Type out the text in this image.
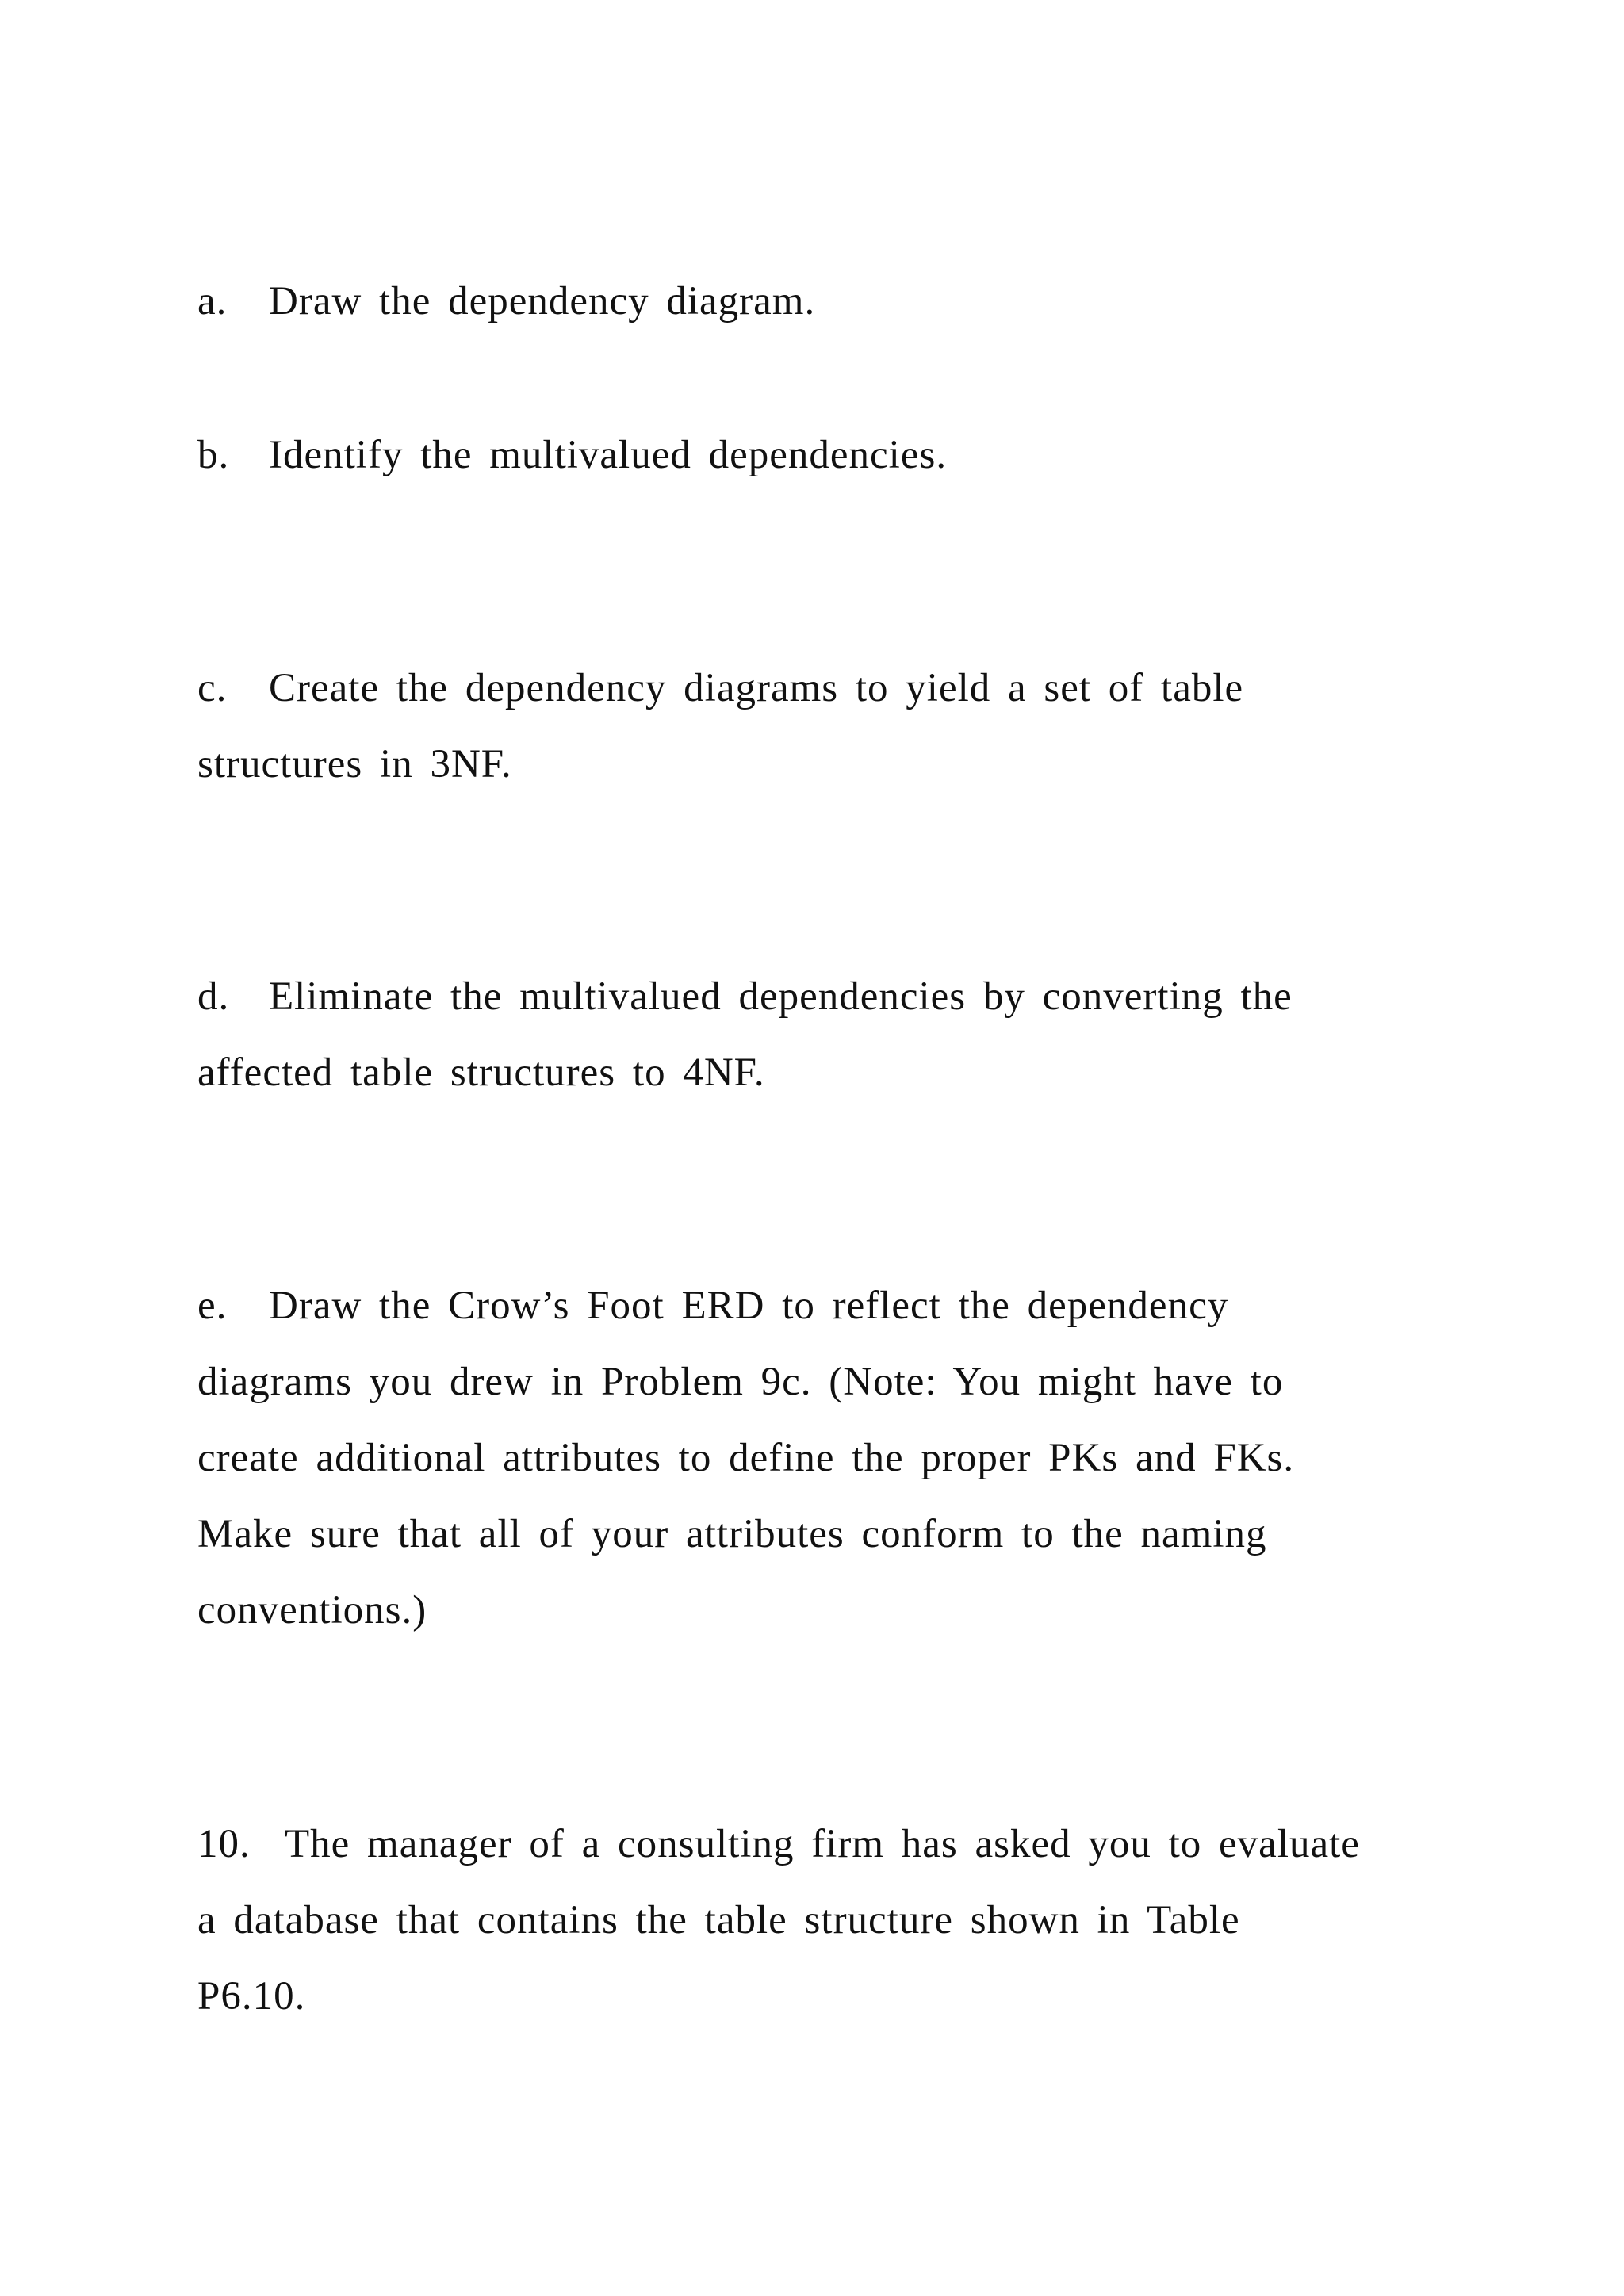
a. Draw the dependency diagram.

b. Identify the multivalued dependencies.

c. Create the dependency diagrams to yield a set of table
structures in 3NF.

d. Eliminate the multivalued dependencies by converting the
affected table structures to 4NF.

e. Draw the Crow’s Foot ERD to reflect the dependency
diagrams you drew in Problem 9c. (Note: You might have to
create additional attributes to define the proper PKs and FKs.
Make sure that all of your attributes conform to the naming
conventions.)

10. The manager of a consulting firm has asked you to evaluate
a database that contains the table structure shown in Table
P6.10.
